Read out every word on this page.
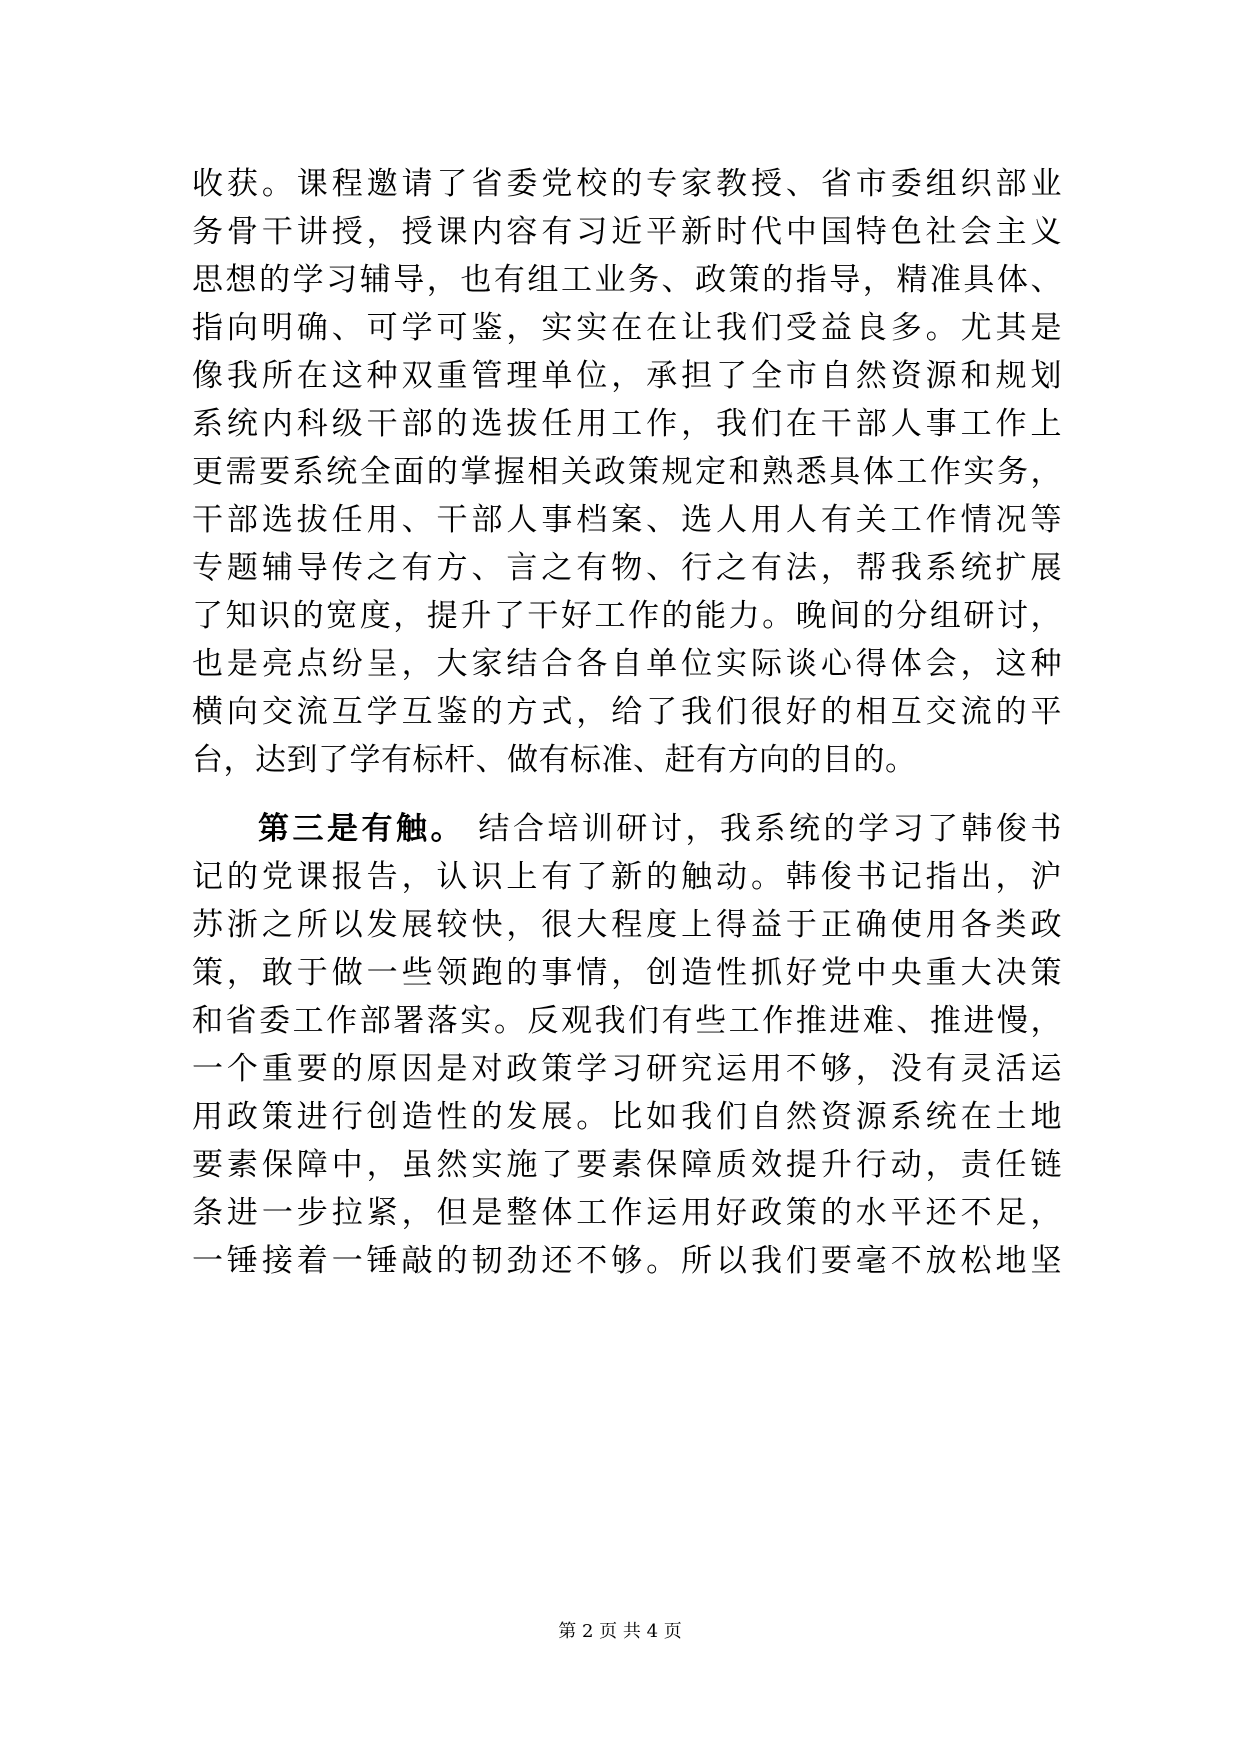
收获。课程邀请了省委党校的专家教授、省市委组织部业
务骨干讲授，授课内容有习近平新时代中国特色社会主义
思想的学习辅导，也有组工业务、政策的指导，精准具体、
指向明确、可学可鉴，实实在在让我们受益良多。尤其是
像我所在这种双重管理单位，承担了全市自然资源和规划
系统内科级干部的选拔任用工作，我们在干部人事工作上
更需要系统全面的掌握相关政策规定和熟悉具体工作实务，
干部选拔任用、干部人事档案、选人用人有关工作情况等
专题辅导传之有方、言之有物、行之有法，帮我系统扩展
了知识的宽度，提升了干好工作的能力。晚间的分组研讨，
也是亮点纷呈，大家结合各自单位实际谈心得体会，这种
横向交流互学互鉴的方式，给了我们很好的相互交流的平
台，达到了学有标杆、做有标准、赶有方向的目的。
第三是有触。 结合培训研讨，我系统的学习了韩俊书
记的党课报告，认识上有了新的触动。韩俊书记指出，沪
苏浙之所以发展较快，很大程度上得益于正确使用各类政
策，敢于做一些领跑的事情，创造性抓好党中央重大决策
和省委工作部署落实。反观我们有些工作推进难、推进慢，
一个重要的原因是对政策学习研究运用不够，没有灵活运
用政策进行创造性的发展。比如我们自然资源系统在土地
要素保障中，虽然实施了要素保障质效提升行动，责任链
条进一步拉紧，但是整体工作运用好政策的水平还不足，
一锤接着一锤敲的韧劲还不够。所以我们要毫不放松地坚
第 2 页 共 4 页
